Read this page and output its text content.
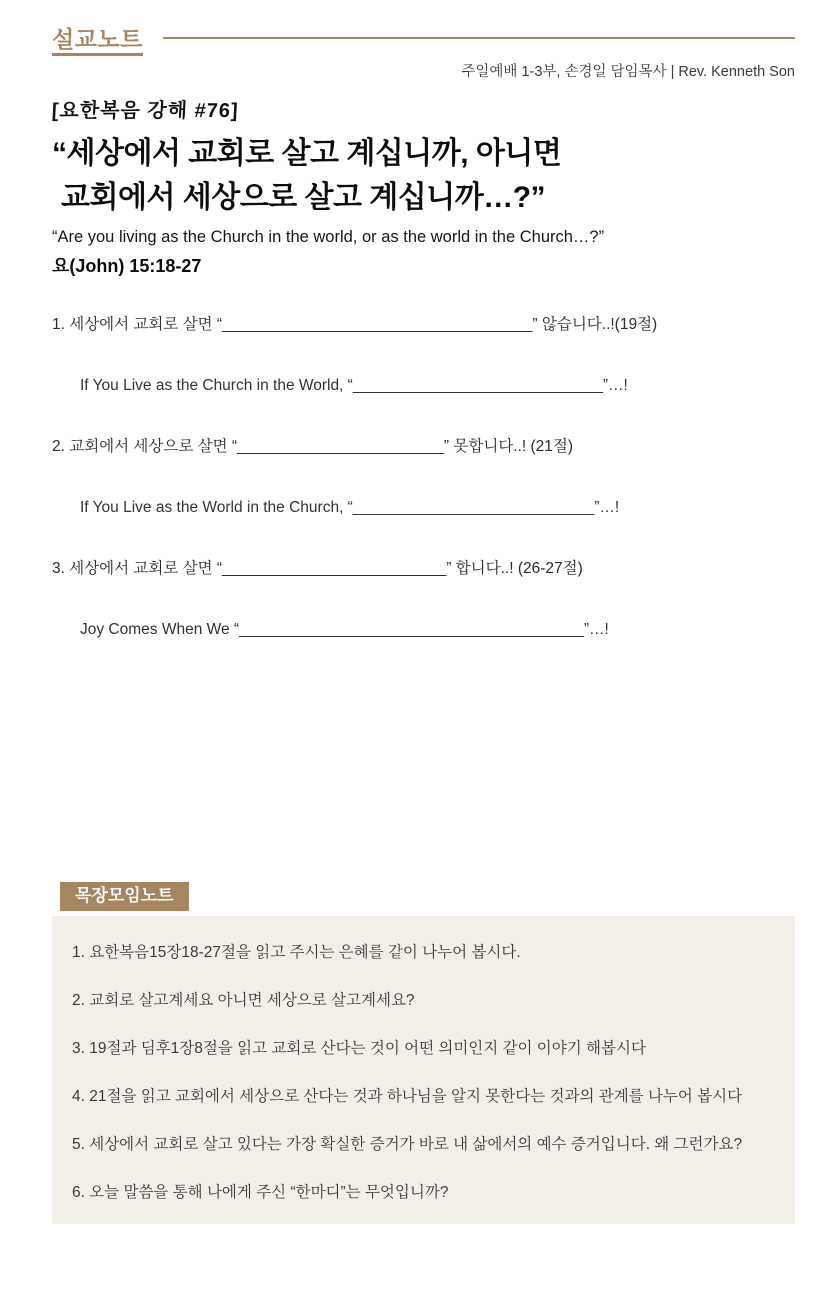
설교노트
주일예배 1-3부, 손경일 담임목사 | Rev. Kenneth Son
[요한복음 강해 #76]
“세상에서 교회로 살고 계십니까, 아니면
교회에서 세상으로 살고 계십니까…?”
“Are you living as the Church in the world, or as the world in the Church…?”
요(John) 15:18-27
1. 세상에서 교회로 살면 “____________________________________” 않습니다..!(19절)
If You Live as the Church in the World, “_____________________________”…!
2. 교회에서 세상으로 살면 “________________________” 못합니다..! (21절)
If You Live as the World in the Church, “____________________________”…!
3. 세상에서 교회로 살면 “__________________________” 합니다..! (26-27절)
Joy Comes When We “________________________________________”…!
목장모임노트
1. 요한복음15장18-27절을 읽고 주시는 은혜를 같이 나누어 봅시다.
2. 교회로 살고계세요 아니면 세상으로 살고계세요?
3. 19절과 딤후1장8절을 읽고 교회로 산다는 것이 어떤 의미인지 같이 이야기 해봅시다
4. 21절을 읽고 교회에서 세상으로 산다는 것과 하나님을 알지 못한다는 것과의 관계를 나누어 봅시다
5. 세상에서 교회로 살고 있다는 가장 확실한 증거가 바로 내 삶에서의 예수 증거입니다. 왜 그런가요?
6. 오늘 말씀을 통해 나에게 주신 “한마디”는 무엇입니까?
